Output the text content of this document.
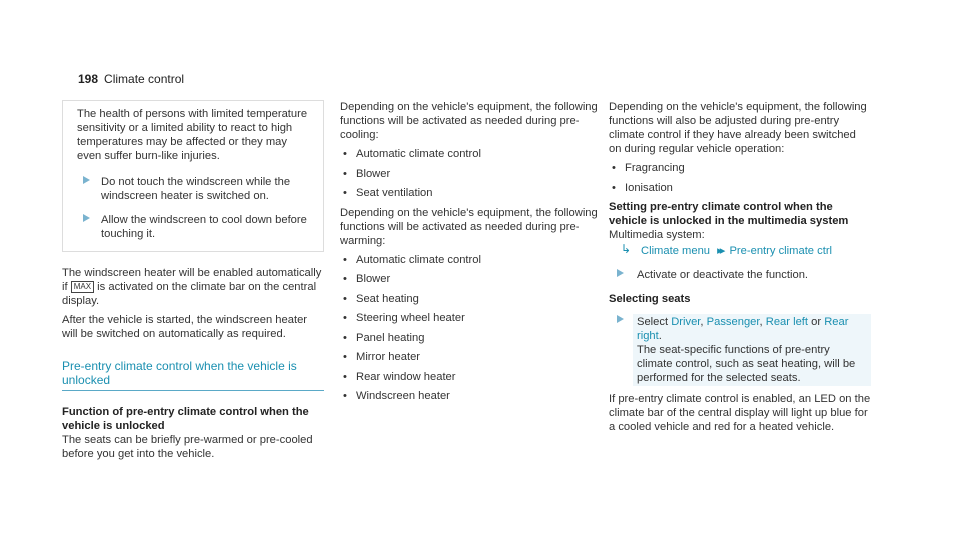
198 Climate control

The health of persons with limited temperature sensitivity or a limited ability to react to high temperatures may be affected or they may even suffer burn-like injuries.

Do not touch the windscreen while the windscreen heater is switched on.
Allow the windscreen to cool down before touching it.

The windscreen heater will be enabled automatically if MAX is activated on the climate bar on the central display.

After the vehicle is started, the windscreen heater will be switched on automatically as required.

Pre-entry climate control when the vehicle is unlocked

Function of pre-entry climate control when the vehicle is unlocked

The seats can be briefly pre-warmed or pre-cooled before you get into the vehicle.

Depending on the vehicle's equipment, the following functions will be activated as needed during pre-cooling:

• Automatic climate control
• Blower
• Seat ventilation

Depending on the vehicle's equipment, the following functions will be activated as needed during pre-warming:

• Automatic climate control
• Blower
• Seat heating
• Steering wheel heater
• Panel heating
• Mirror heater
• Rear window heater
• Windscreen heater

Depending on the vehicle's equipment, the following functions will also be adjusted during pre-entry climate control if they have already been switched on during regular vehicle operation:

• Fragrancing
• Ionisation

Setting pre-entry climate control when the vehicle is unlocked in the multimedia system

Multimedia system:

↳ Climate menu ▸▸ Pre-entry climate ctrl
Activate or deactivate the function.

Selecting seats

Select Driver, Passenger, Rear left or Rear right.
The seat-specific functions of pre-entry climate control, such as seat heating, will be performed for the selected seats.

If pre-entry climate control is enabled, an LED on the climate bar of the central display will light up blue for a cooled vehicle and red for a heated vehicle.
